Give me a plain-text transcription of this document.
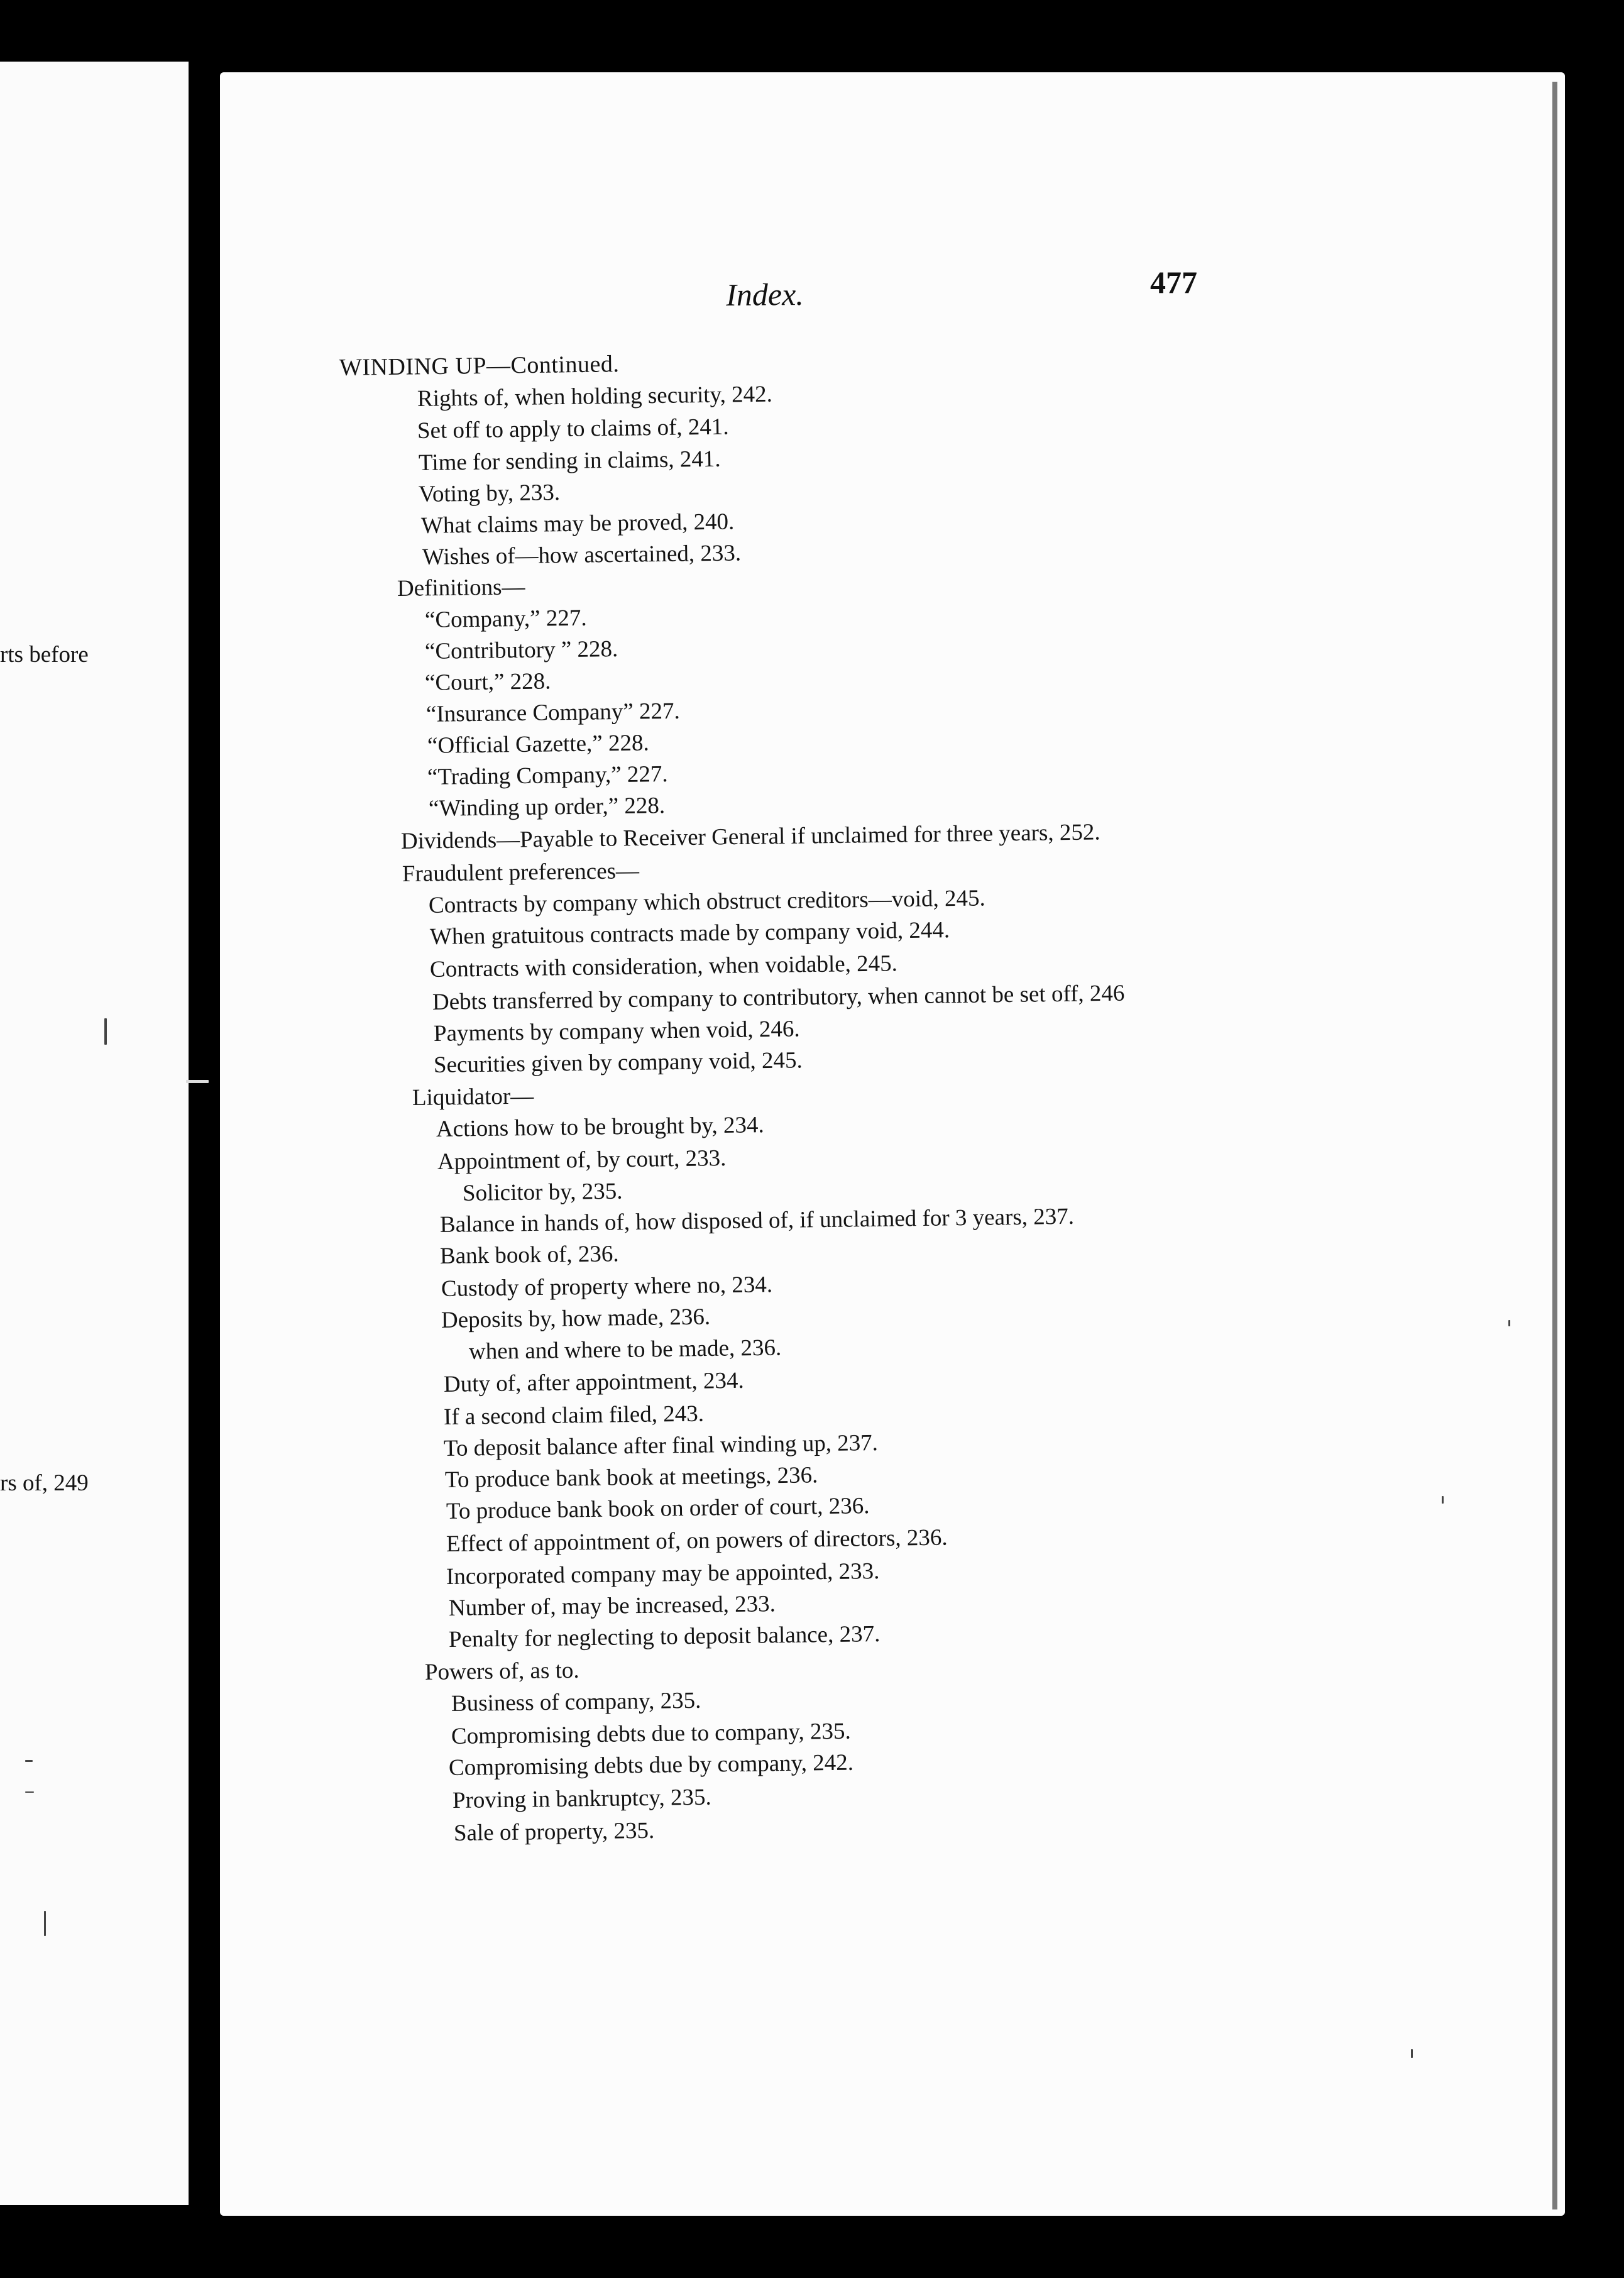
rts before
rs of, 249
Index.	477
WINDING UP—Continued.
Rights of, when holding security, 242.
Set off to apply to claims of, 241.
Time for sending in claims, 241.
Voting by, 233.
What claims may be proved, 240.
Wishes of—how ascertained, 233.
Definitions—
“Company,” 227.
“Contributory ” 228.
“Court,” 228.
“Insurance Company” 227.
“Official Gazette,” 228.
“Trading Company,” 227.
“Winding up order,” 228.
Dividends—Payable to Receiver General if unclaimed for three years, 252.
Fraudulent preferences—
Contracts by company which obstruct creditors—void, 245.
When gratuitous contracts made by company void, 244.
Contracts with consideration, when voidable, 245.
Debts transferred by company to contributory, when cannot be set off, 246
Payments by company when void, 246.
Securities given by company void, 245.
Liquidator—
Actions how to be brought by, 234.
Appointment of, by court, 233.
Solicitor by, 235.
Balance in hands of, how disposed of, if unclaimed for 3 years, 237.
Bank book of, 236.
Custody of property where no, 234.
Deposits by, how made, 236.
when and where to be made, 236.
Duty of, after appointment, 234.
If a second claim filed, 243.
To deposit balance after final winding up, 237.
To produce bank book at meetings, 236.
To produce bank book on order of court, 236.
Effect of appointment of, on powers of directors, 236.
Incorporated company may be appointed, 233.
Number of, may be increased, 233.
Penalty for neglecting to deposit balance, 237.
Powers of, as to.
Business of company, 235.
Compromising debts due to company, 235.
Compromising debts due by company, 242.
Proving in bankruptcy, 235.
Sale of property, 235.
